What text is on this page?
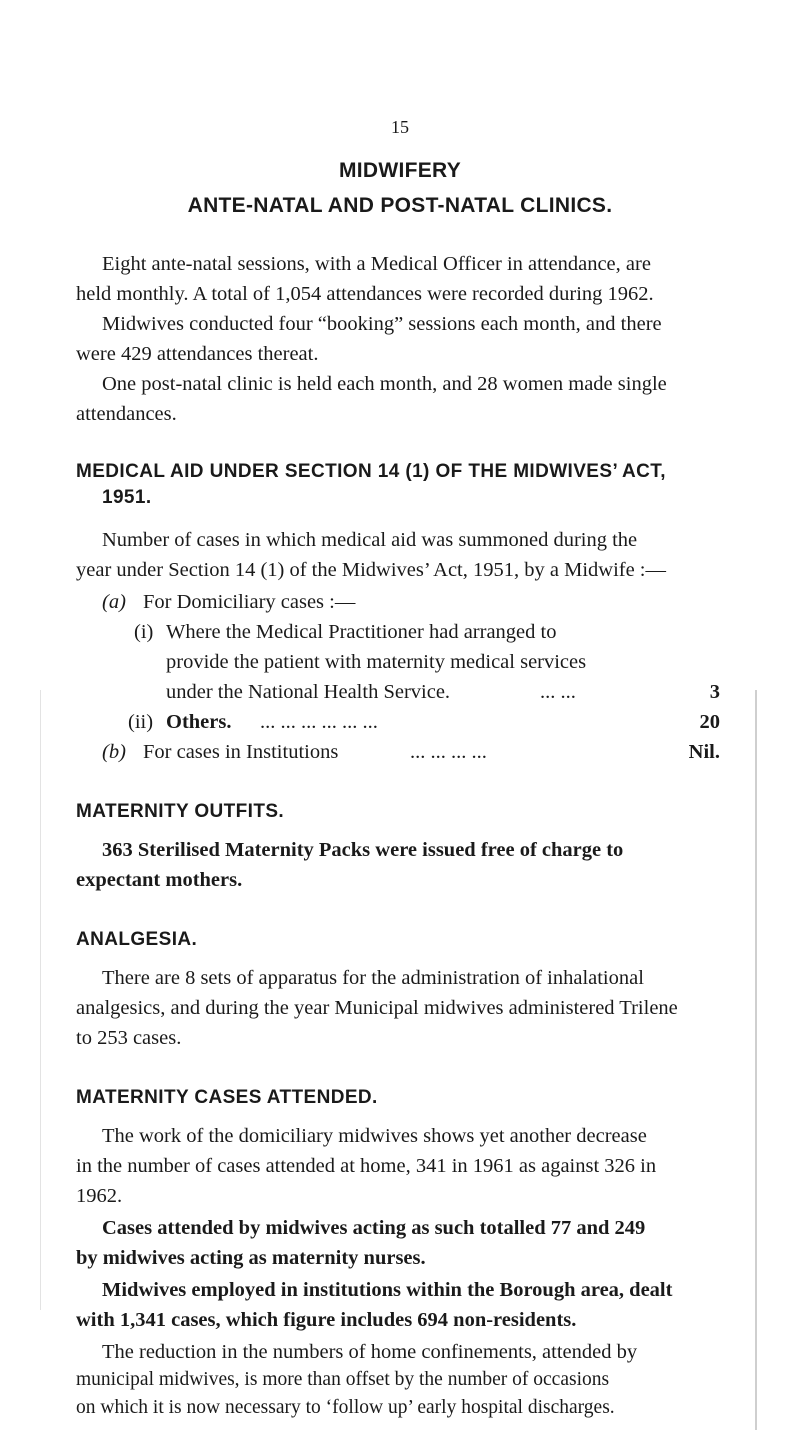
15
MIDWIFERY
ANTE-NATAL AND POST-NATAL CLINICS.
Eight ante-natal sessions, with a Medical Officer in attendance, are
held monthly. A total of 1,054 attendances were recorded during 1962.
Midwives conducted four “booking” sessions each month, and there
were 429 attendances thereat.
One post-natal clinic is held each month, and 28 women made single
attendances.
MEDICAL AID UNDER SECTION 14 (1) OF THE MIDWIVES’ ACT,
1951.
Number of cases in which medical aid was summoned during the
year under Section 14 (1) of the Midwives’ Act, 1951, by a Midwife :—
(a) For Domiciliary cases :—
(i) Where the Medical Practitioner had arranged to
provide the patient with maternity medical services
under the National Health Service.	... ...	3
(ii) Others. ... ... ... ... ... ...	20
(b) For cases in Institutions	... ... ... ...	Nil.
MATERNITY OUTFITS.
363 Sterilised Maternity Packs were issued free of charge to
expectant mothers.
ANALGESIA.
There are 8 sets of apparatus for the administration of inhalational
analgesics, and during the year Municipal midwives administered Trilene
to 253 cases.
MATERNITY CASES ATTENDED.
The work of the domiciliary midwives shows yet another decrease
in the number of cases attended at home, 341 in 1961 as against 326 in
1962.
Cases attended by midwives acting as such totalled 77 and 249
by midwives acting as maternity nurses.
Midwives employed in institutions within the Borough area, dealt
with 1,341 cases, which figure includes 694 non-residents.
The reduction in the numbers of home confinements, attended by
municipal midwives, is more than offset by the number of occasions
on which it is now necessary to ‘follow up’ early hospital discharges.
